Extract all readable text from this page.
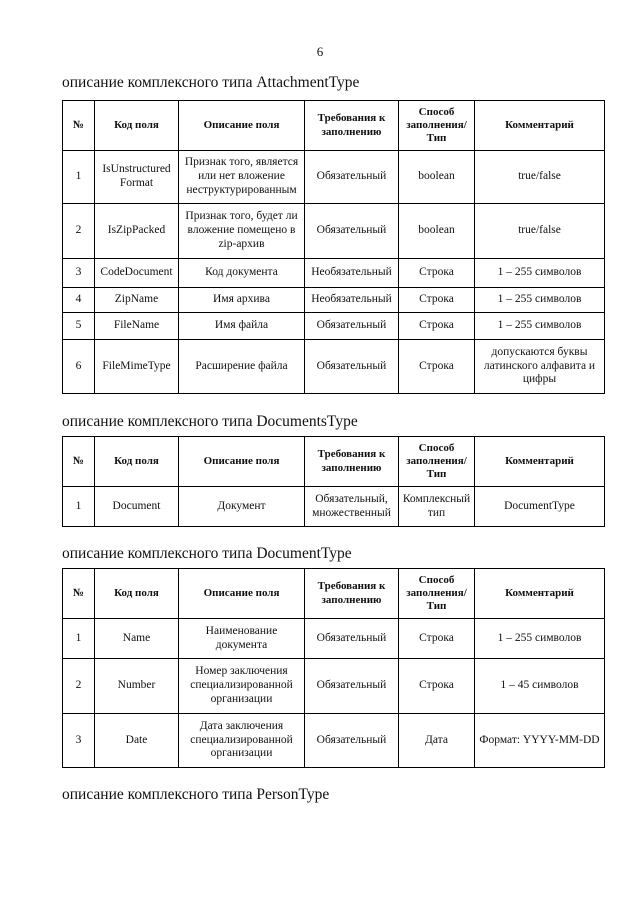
6
описание комплексного типа AttachmentType
№	Код поля	Описание поля	Требования к заполнению	Способ заполнения/ Тип	Комментарий
1	IsUnstructured Format	Признак того, является или нет вложение неструктурированным	Обязательный	boolean	true/false
2	IsZipPacked	Признак того, будет ли вложение помещено в zip-архив	Обязательный	boolean	true/false
3	CodeDocument	Код документа	Необязательный	Строка	1 – 255 символов
4	ZipName	Имя архива	Необязательный	Строка	1 – 255 символов
5	FileName	Имя файла	Обязательный	Строка	1 – 255 символов
6	FileMimeType	Расширение файла	Обязательный	Строка	допускаются буквы латинского алфавита и цифры
описание комплексного типа DocumentsType
№	Код поля	Описание поля	Требования к заполнению	Способ заполнения/ Тип	Комментарий
1	Document	Документ	Обязательный, множественный	Комплексный тип	DocumentType
описание комплексного типа DocumentType
№	Код поля	Описание поля	Требования к заполнению	Способ заполнения/ Тип	Комментарий
1	Name	Наименование документа	Обязательный	Строка	1 – 255 символов
2	Number	Номер заключения специализированной организации	Обязательный	Строка	1 – 45 символов
3	Date	Дата заключения специализированной организации	Обязательный	Дата	Формат: YYYY-MM-DD
описание комплексного типа PersonType
